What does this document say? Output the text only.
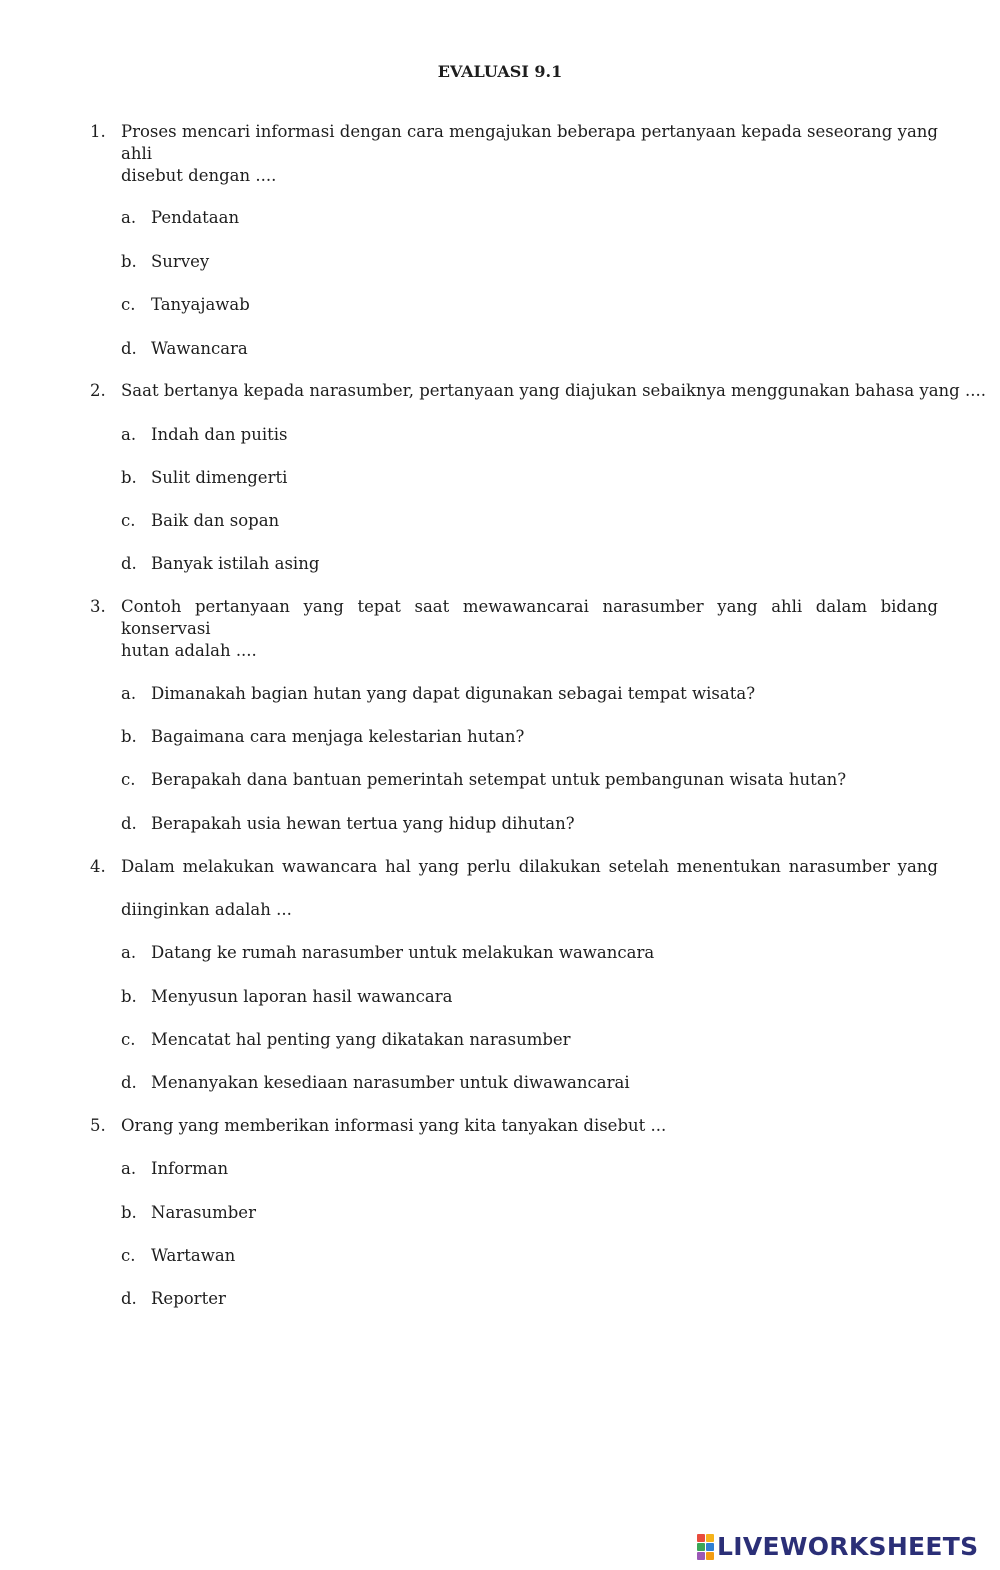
EVALUASI 9.1
1. Proses mencari informasi dengan cara mengajukan beberapa pertanyaan kepada seseorang yang ahli
disebut dengan ....
a. Pendataan
b. Survey
c. Tanyajawab
d. Wawancara
2. Saat bertanya kepada narasumber, pertanyaan yang diajukan sebaiknya menggunakan bahasa yang ....
a. Indah dan puitis
b. Sulit dimengerti
c. Baik dan sopan
d. Banyak istilah asing
3. Contoh pertanyaan yang tepat saat mewawancarai narasumber yang ahli dalam bidang konservasi
hutan adalah ....
a. Dimanakah bagian hutan yang dapat digunakan sebagai tempat wisata?
b. Bagaimana cara menjaga kelestarian hutan?
c. Berapakah dana bantuan pemerintah setempat untuk pembangunan wisata hutan?
d. Berapakah usia hewan tertua yang hidup dihutan?
4. Dalam melakukan wawancara hal yang perlu dilakukan setelah menentukan narasumber yang
diinginkan adalah ...
a. Datang ke rumah narasumber untuk melakukan wawancara
b. Menyusun laporan hasil wawancara
c. Mencatat hal penting yang dikatakan narasumber
d. Menanyakan kesediaan narasumber untuk diwawancarai
5. Orang yang memberikan informasi yang kita tanyakan disebut ...
a. Informan
b. Narasumber
c. Wartawan
d. Reporter
LIVEWORKSHEETS
